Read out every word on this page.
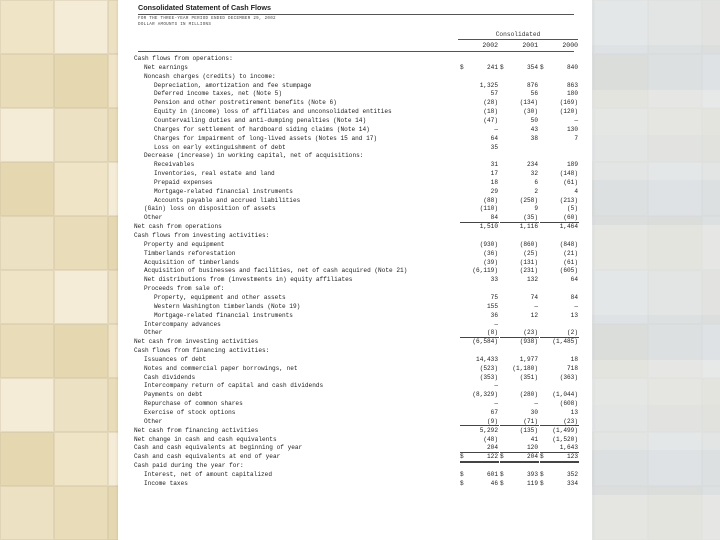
Consolidated Statement of Cash Flows
FOR THE THREE-YEAR PERIOD ENDED DECEMBER 29, 2002
DOLLAR AMOUNTS IN MILLIONS
Consolidated
2002	2001	2000
Cash flows from operations:
Net earnings	$	241 $	354 $	840
Noncash charges (credits) to income:
Depreciation, amortization and fee stumpage	1,325	876	863
Deferred income taxes, net (Note 5)	57	56	180
Pension and other postretirement benefits (Note 6)	(28)	(134)	(169)
Equity in (income) loss of affiliates and unconsolidated entities	(18)	(30)	(120)
Countervailing duties and anti-dumping penalties (Note 14)	(47)	50	—
Charges for settlement of hardboard siding claims (Note 14)	—	43	130
Charges for impairment of long-lived assets (Notes 15 and 17)	64	38	7
Loss on early extinguishment of debt	35
Decrease (increase) in working capital, net of acquisitions:
Receivables	31	234	189
Inventories, real estate and land	17	32	(148)
Prepaid expenses	18	6	(61)
Mortgage-related financial instruments	29	2	4
Accounts payable and accrued liabilities	(88)	(258)	(213)
(Gain) loss on disposition of assets	(110)	9	(5)
Other	84	(35)	(60)
Net cash from operations	1,510	1,116	1,464
Cash flows from investing activities:
Property and equipment	(930)	(860)	(848)
Timberlands reforestation	(36)	(25)	(21)
Acquisition of timberlands	(39)	(131)	(61)
Acquisition of businesses and facilities, net of cash acquired (Note 21)	(6,119)	(231)	(605)
Net distributions from (investments in) equity affiliates	33	132	64
Proceeds from sale of:
Property, equipment and other assets	75	74	84
Western Washington timberlands (Note 19)	155	—	—
Mortgage-related financial instruments	36	12	13
Intercompany advances	—
Other	(8)	(23)	(2)
Net cash from investing activities	(6,584)	(938)	(1,485)
Cash flows from financing activities:
Issuances of debt	14,433	1,977	18
Notes and commercial paper borrowings, net	(523)	(1,180)	718
Cash dividends	(353)	(351)	(363)
Intercompany return of capital and cash dividends	—
Payments on debt	(8,329)	(280)	(1,044)
Repurchase of common shares	—	—	(608)
Exercise of stock options	67	30	13
Other	(9)	(71)	(23)
Net cash from financing activities	5,292	(135)	(1,499)
Net change in cash and cash equivalents	(48)	41	(1,520)
Cash and cash equivalents at beginning of year	204	120	1,643
Cash and cash equivalents at end of year	$	122 $	204 $	123
Cash paid during the year for:
Interest, net of amount capitalized	$	601 $	393 $	352
Income taxes	$	46 $	119 $	334
